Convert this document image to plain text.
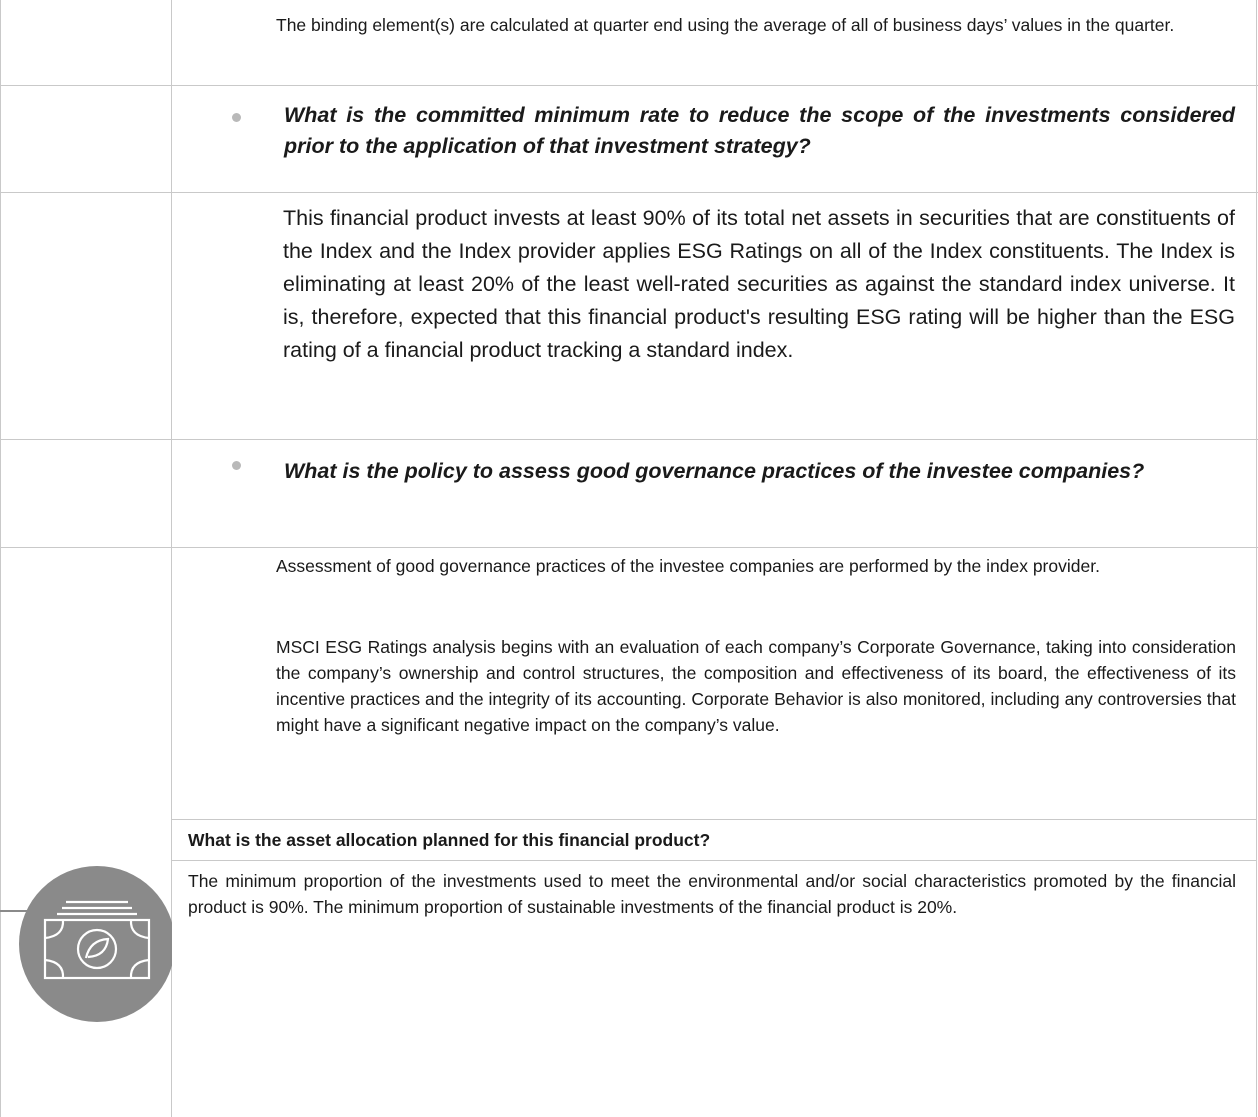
The binding element(s) are calculated at quarter end using the average of all of business days’ values in the quarter.

What is the committed minimum rate to reduce the scope of the investments considered prior to the application of that investment strategy?

This financial product invests at least 90% of its total net assets in securities that are constituents of the Index and the Index provider applies ESG Ratings on all of the Index constituents. The Index is eliminating at least 20% of the least well-rated securities as against the standard index universe. It is, therefore, expected that this financial product's resulting ESG rating will be higher than the ESG rating of a financial product tracking a standard index.

What is the policy to assess good governance practices of the investee companies?

Assessment of good governance practices of the investee companies are performed by the index provider.

MSCI ESG Ratings analysis begins with an evaluation of each company’s Corporate Governance, taking into consideration the company’s ownership and control structures, the composition and effectiveness of its board, the effectiveness of its incentive practices and the integrity of its accounting. Corporate Behavior is also monitored, including any controversies that might have a significant negative impact on the company’s value.

What is the asset allocation planned for this financial product?

The minimum proportion of the investments used to meet the environmental and/or social characteristics promoted by the financial product is 90%. The minimum proportion of sustainable investments of the financial product is 20%.
